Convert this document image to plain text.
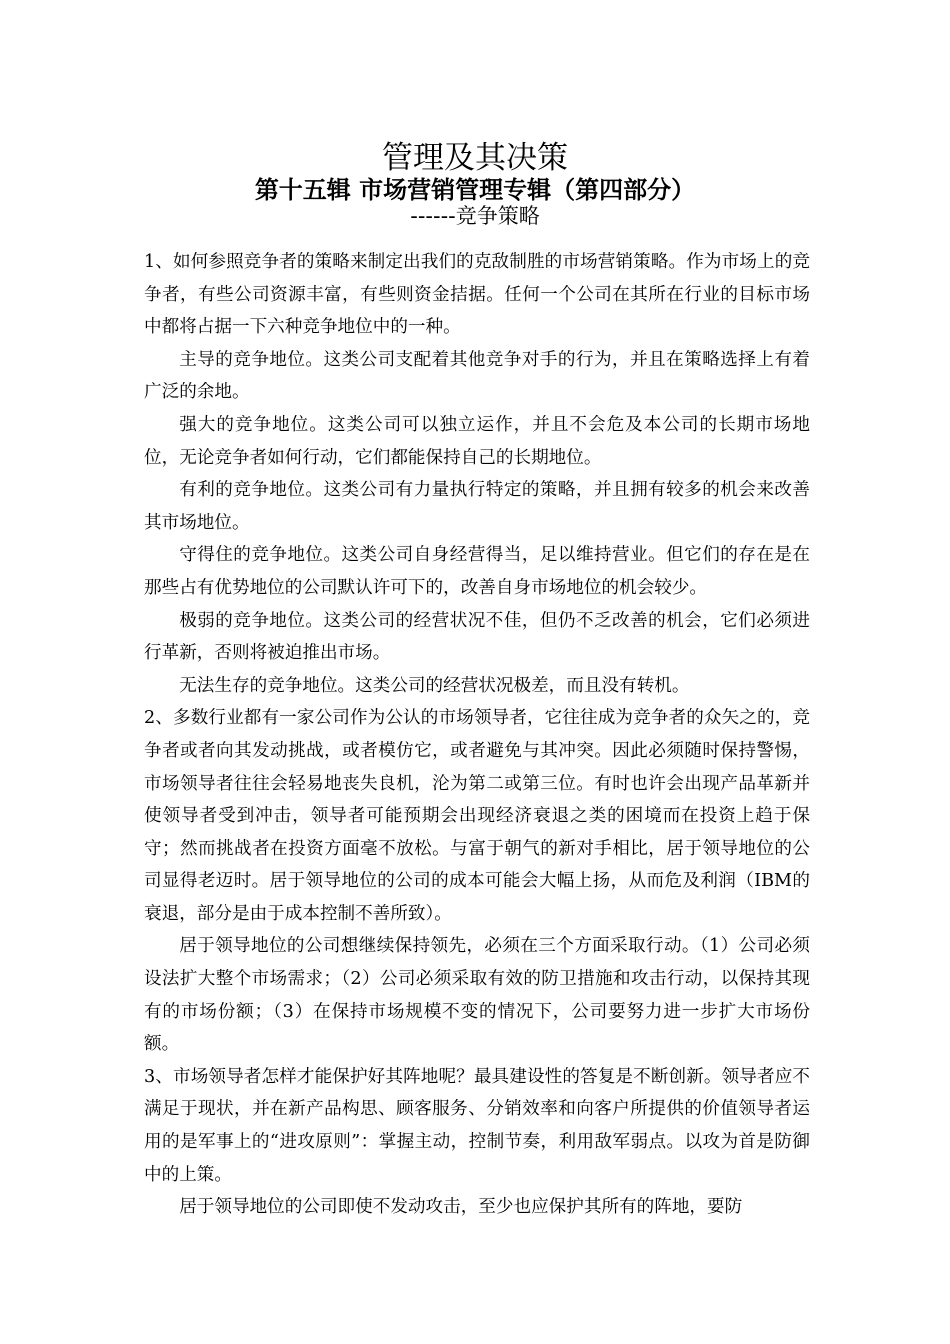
管理及其决策
第十五辑 市场营销管理专辑（第四部分）
------竞争策略

1、如何参照竞争者的策略来制定出我们的克敌制胜的市场营销策略。作为市场上的竞争者，有些公司资源丰富，有些则资金拮据。任何一个公司在其所在行业的目标市场中都将占据一下六种竞争地位中的一种。

主导的竞争地位。这类公司支配着其他竞争对手的行为，并且在策略选择上有着广泛的余地。

强大的竞争地位。这类公司可以独立运作，并且不会危及本公司的长期市场地位，无论竞争者如何行动，它们都能保持自己的长期地位。

有利的竞争地位。这类公司有力量执行特定的策略，并且拥有较多的机会来改善其市场地位。

守得住的竞争地位。这类公司自身经营得当，足以维持营业。但它们的存在是在那些占有优势地位的公司默认许可下的，改善自身市场地位的机会较少。

极弱的竞争地位。这类公司的经营状况不佳，但仍不乏改善的机会，它们必须进行革新，否则将被迫推出市场。

无法生存的竞争地位。这类公司的经营状况极差，而且没有转机。

2、多数行业都有一家公司作为公认的市场领导者，它往往成为竞争者的众矢之的，竞争者或者向其发动挑战，或者模仿它，或者避免与其冲突。因此必须随时保持警惕，市场领导者往往会轻易地丧失良机，沦为第二或第三位。有时也许会出现产品革新并使领导者受到冲击，领导者可能预期会出现经济衰退之类的困境而在投资上趋于保守；然而挑战者在投资方面毫不放松。与富于朝气的新对手相比，居于领导地位的公司显得老迈时。居于领导地位的公司的成本可能会大幅上扬，从而危及利润（IBM的衰退，部分是由于成本控制不善所致）。

居于领导地位的公司想继续保持领先，必须在三个方面采取行动。（1）公司必须设法扩大整个市场需求；（2）公司必须采取有效的防卫措施和攻击行动，以保持其现有的市场份额；（3）在保持市场规模不变的情况下，公司要努力进一步扩大市场份额。

3、市场领导者怎样才能保护好其阵地呢？最具建设性的答复是不断创新。领导者应不满足于现状，并在新产品构思、顾客服务、分销效率和向客户所提供的价值领导者运用的是军事上的“进攻原则”：掌握主动，控制节奏，利用敌军弱点。以攻为首是防御中的上策。

居于领导地位的公司即使不发动攻击，至少也应保护其所有的阵地，要防
